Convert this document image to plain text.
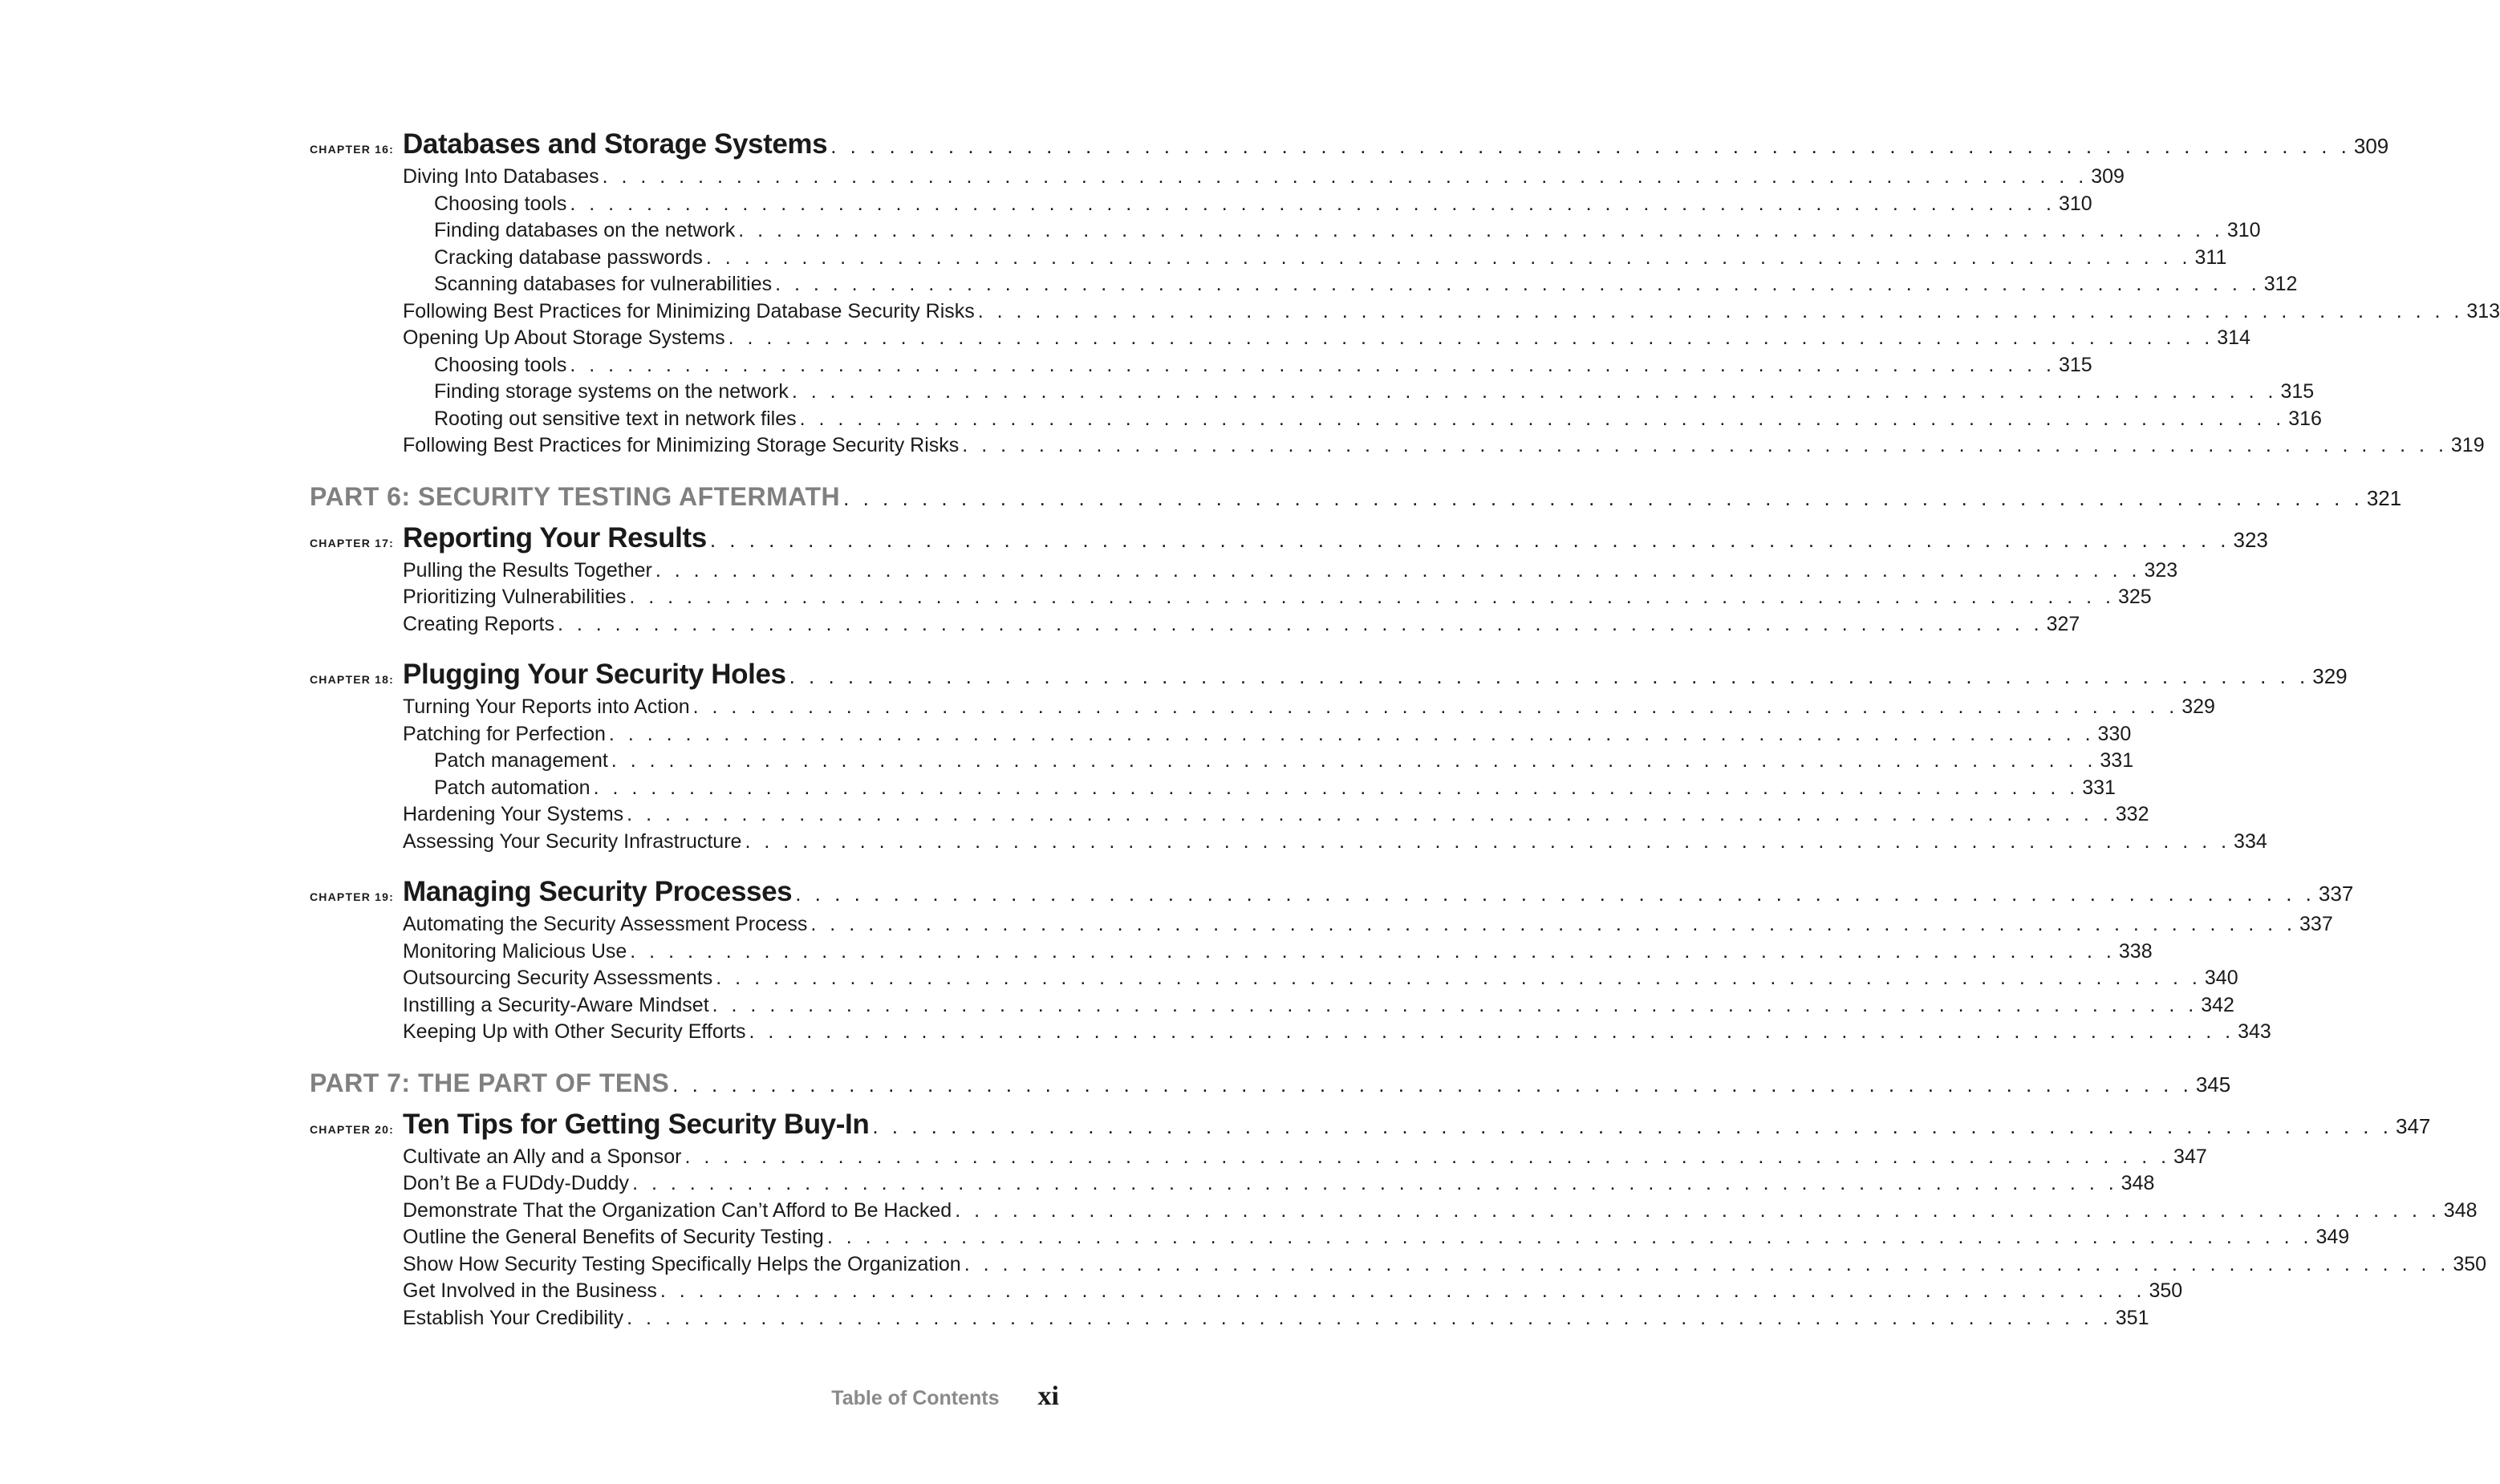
CHAPTER 16: Databases and Storage Systems . . . . . . . . . . . . . . . . . . . . . . . . . . . . . . . . . . . . . . . . . . . . . . . . . . . . . . . . . . . . . . . . . . . . . . . . . . . . . . 309
Diving Into Databases . . . . . . . . . . . . . . . . . . . . . . . . . . . . . . . . . . . . . . . . . . . . . . . . . . . . . . . . . . . . . . . . . . . . . . . . . . . . . . 309
Choosing tools . . . . . . . . . . . . . . . . . . . . . . . . . . . . . . . . . . . . . . . . . . . . . . . . . . . . . . . . . . . . . . . . . . . . . . . . . . . . . . 310
Finding databases on the network . . . . . . . . . . . . . . . . . . . . . . . . . . . . . . . . . . . . . . . . . . . . . . . . . . . . . . . . . . . . . . . . . . . . . . . . . . . . . . 310
Cracking database passwords . . . . . . . . . . . . . . . . . . . . . . . . . . . . . . . . . . . . . . . . . . . . . . . . . . . . . . . . . . . . . . . . . . . . . . . . . . . . . . 311
Scanning databases for vulnerabilities . . . . . . . . . . . . . . . . . . . . . . . . . . . . . . . . . . . . . . . . . . . . . . . . . . . . . . . . . . . . . . . . . . . . . . . . . . . . . . 312
Following Best Practices for Minimizing Database Security Risks . . . . . . . . . . . . . . . . . . . . . . . . . . . . . . . . . . . . . . . . . . . . . . . . . . . . . . . . . . . . . . . . . . . . . . . . . . . . . . 313
Opening Up About Storage Systems . . . . . . . . . . . . . . . . . . . . . . . . . . . . . . . . . . . . . . . . . . . . . . . . . . . . . . . . . . . . . . . . . . . . . . . . . . . . . . 314
Choosing tools . . . . . . . . . . . . . . . . . . . . . . . . . . . . . . . . . . . . . . . . . . . . . . . . . . . . . . . . . . . . . . . . . . . . . . . . . . . . . . 315
Finding storage systems on the network . . . . . . . . . . . . . . . . . . . . . . . . . . . . . . . . . . . . . . . . . . . . . . . . . . . . . . . . . . . . . . . . . . . . . . . . . . . . . . 315
Rooting out sensitive text in network files . . . . . . . . . . . . . . . . . . . . . . . . . . . . . . . . . . . . . . . . . . . . . . . . . . . . . . . . . . . . . . . . . . . . . . . . . . . . . . 316
Following Best Practices for Minimizing Storage Security Risks . . . . . . . . . . . . . . . . . . . . . . . . . . . . . . . . . . . . . . . . . . . . . . . . . . . . . . . . . . . . . . . . . . . . . . . . . . . . . . 319
PART 6: SECURITY TESTING AFTERMATH . . . . . . . . . . . . . . . . . . . . . . . . . . . . . . . . . . . . . . . . . . . . . . . . . . . . . . . . . . . . . . . . . . . . . . . . . . . . . . 321
CHAPTER 17: Reporting Your Results . . . . . . . . . . . . . . . . . . . . . . . . . . . . . . . . . . . . . . . . . . . . . . . . . . . . . . . . . . . . . . . . . . . . . . . . . . . . . . 323
Pulling the Results Together . . . . . . . . . . . . . . . . . . . . . . . . . . . . . . . . . . . . . . . . . . . . . . . . . . . . . . . . . . . . . . . . . . . . . . . . . . . . . . 323
Prioritizing Vulnerabilities . . . . . . . . . . . . . . . . . . . . . . . . . . . . . . . . . . . . . . . . . . . . . . . . . . . . . . . . . . . . . . . . . . . . . . . . . . . . . . 325
Creating Reports . . . . . . . . . . . . . . . . . . . . . . . . . . . . . . . . . . . . . . . . . . . . . . . . . . . . . . . . . . . . . . . . . . . . . . . . . . . . . . 327
CHAPTER 18: Plugging Your Security Holes . . . . . . . . . . . . . . . . . . . . . . . . . . . . . . . . . . . . . . . . . . . . . . . . . . . . . . . . . . . . . . . . . . . . . . . . . . . . . . 329
Turning Your Reports into Action . . . . . . . . . . . . . . . . . . . . . . . . . . . . . . . . . . . . . . . . . . . . . . . . . . . . . . . . . . . . . . . . . . . . . . . . . . . . . . 329
Patching for Perfection . . . . . . . . . . . . . . . . . . . . . . . . . . . . . . . . . . . . . . . . . . . . . . . . . . . . . . . . . . . . . . . . . . . . . . . . . . . . . . 330
Patch management . . . . . . . . . . . . . . . . . . . . . . . . . . . . . . . . . . . . . . . . . . . . . . . . . . . . . . . . . . . . . . . . . . . . . . . . . . . . . . 331
Patch automation . . . . . . . . . . . . . . . . . . . . . . . . . . . . . . . . . . . . . . . . . . . . . . . . . . . . . . . . . . . . . . . . . . . . . . . . . . . . . . 331
Hardening Your Systems . . . . . . . . . . . . . . . . . . . . . . . . . . . . . . . . . . . . . . . . . . . . . . . . . . . . . . . . . . . . . . . . . . . . . . . . . . . . . . 332
Assessing Your Security Infrastructure . . . . . . . . . . . . . . . . . . . . . . . . . . . . . . . . . . . . . . . . . . . . . . . . . . . . . . . . . . . . . . . . . . . . . . . . . . . . . . 334
CHAPTER 19: Managing Security Processes . . . . . . . . . . . . . . . . . . . . . . . . . . . . . . . . . . . . . . . . . . . . . . . . . . . . . . . . . . . . . . . . . . . . . . . . . . . . . . 337
Automating the Security Assessment Process . . . . . . . . . . . . . . . . . . . . . . . . . . . . . . . . . . . . . . . . . . . . . . . . . . . . . . . . . . . . . . . . . . . . . . . . . . . . . . 337
Monitoring Malicious Use . . . . . . . . . . . . . . . . . . . . . . . . . . . . . . . . . . . . . . . . . . . . . . . . . . . . . . . . . . . . . . . . . . . . . . . . . . . . . . 338
Outsourcing Security Assessments . . . . . . . . . . . . . . . . . . . . . . . . . . . . . . . . . . . . . . . . . . . . . . . . . . . . . . . . . . . . . . . . . . . . . . . . . . . . . . 340
Instilling a Security-Aware Mindset . . . . . . . . . . . . . . . . . . . . . . . . . . . . . . . . . . . . . . . . . . . . . . . . . . . . . . . . . . . . . . . . . . . . . . . . . . . . . . 342
Keeping Up with Other Security Efforts . . . . . . . . . . . . . . . . . . . . . . . . . . . . . . . . . . . . . . . . . . . . . . . . . . . . . . . . . . . . . . . . . . . . . . . . . . . . . . 343
PART 7: THE PART OF TENS . . . . . . . . . . . . . . . . . . . . . . . . . . . . . . . . . . . . . . . . . . . . . . . . . . . . . . . . . . . . . . . . . . . . . . . . . . . . . . 345
CHAPTER 20: Ten Tips for Getting Security Buy-In . . . . . . . . . . . . . . . . . . . . . . . . . . . . . . . . . . . . . . . . . . . . . . . . . . . . . . . . . . . . . . . . . . . . . . . . . . . . . . 347
Cultivate an Ally and a Sponsor . . . . . . . . . . . . . . . . . . . . . . . . . . . . . . . . . . . . . . . . . . . . . . . . . . . . . . . . . . . . . . . . . . . . . . . . . . . . . . 347
Don’t Be a FUDdy-Duddy . . . . . . . . . . . . . . . . . . . . . . . . . . . . . . . . . . . . . . . . . . . . . . . . . . . . . . . . . . . . . . . . . . . . . . . . . . . . . . 348
Demonstrate That the Organization Can’t Afford to Be Hacked . . . . . . . . . . . . . . . . . . . . . . . . . . . . . . . . . . . . . . . . . . . . . . . . . . . . . . . . . . . . . . . . . . . . . . . . . . . . . . 348
Outline the General Benefits of Security Testing . . . . . . . . . . . . . . . . . . . . . . . . . . . . . . . . . . . . . . . . . . . . . . . . . . . . . . . . . . . . . . . . . . . . . . . . . . . . . . 349
Show How Security Testing Specifically Helps the Organization . . . . . . . . . . . . . . . . . . . . . . . . . . . . . . . . . . . . . . . . . . . . . . . . . . . . . . . . . . . . . . . . . . . . . . . . . . . . . . 350
Get Involved in the Business . . . . . . . . . . . . . . . . . . . . . . . . . . . . . . . . . . . . . . . . . . . . . . . . . . . . . . . . . . . . . . . . . . . . . . . . . . . . . . 350
Establish Your Credibility . . . . . . . . . . . . . . . . . . . . . . . . . . . . . . . . . . . . . . . . . . . . . . . . . . . . . . . . . . . . . . . . . . . . . . . . . . . . . . 351
Table of Contents xi
